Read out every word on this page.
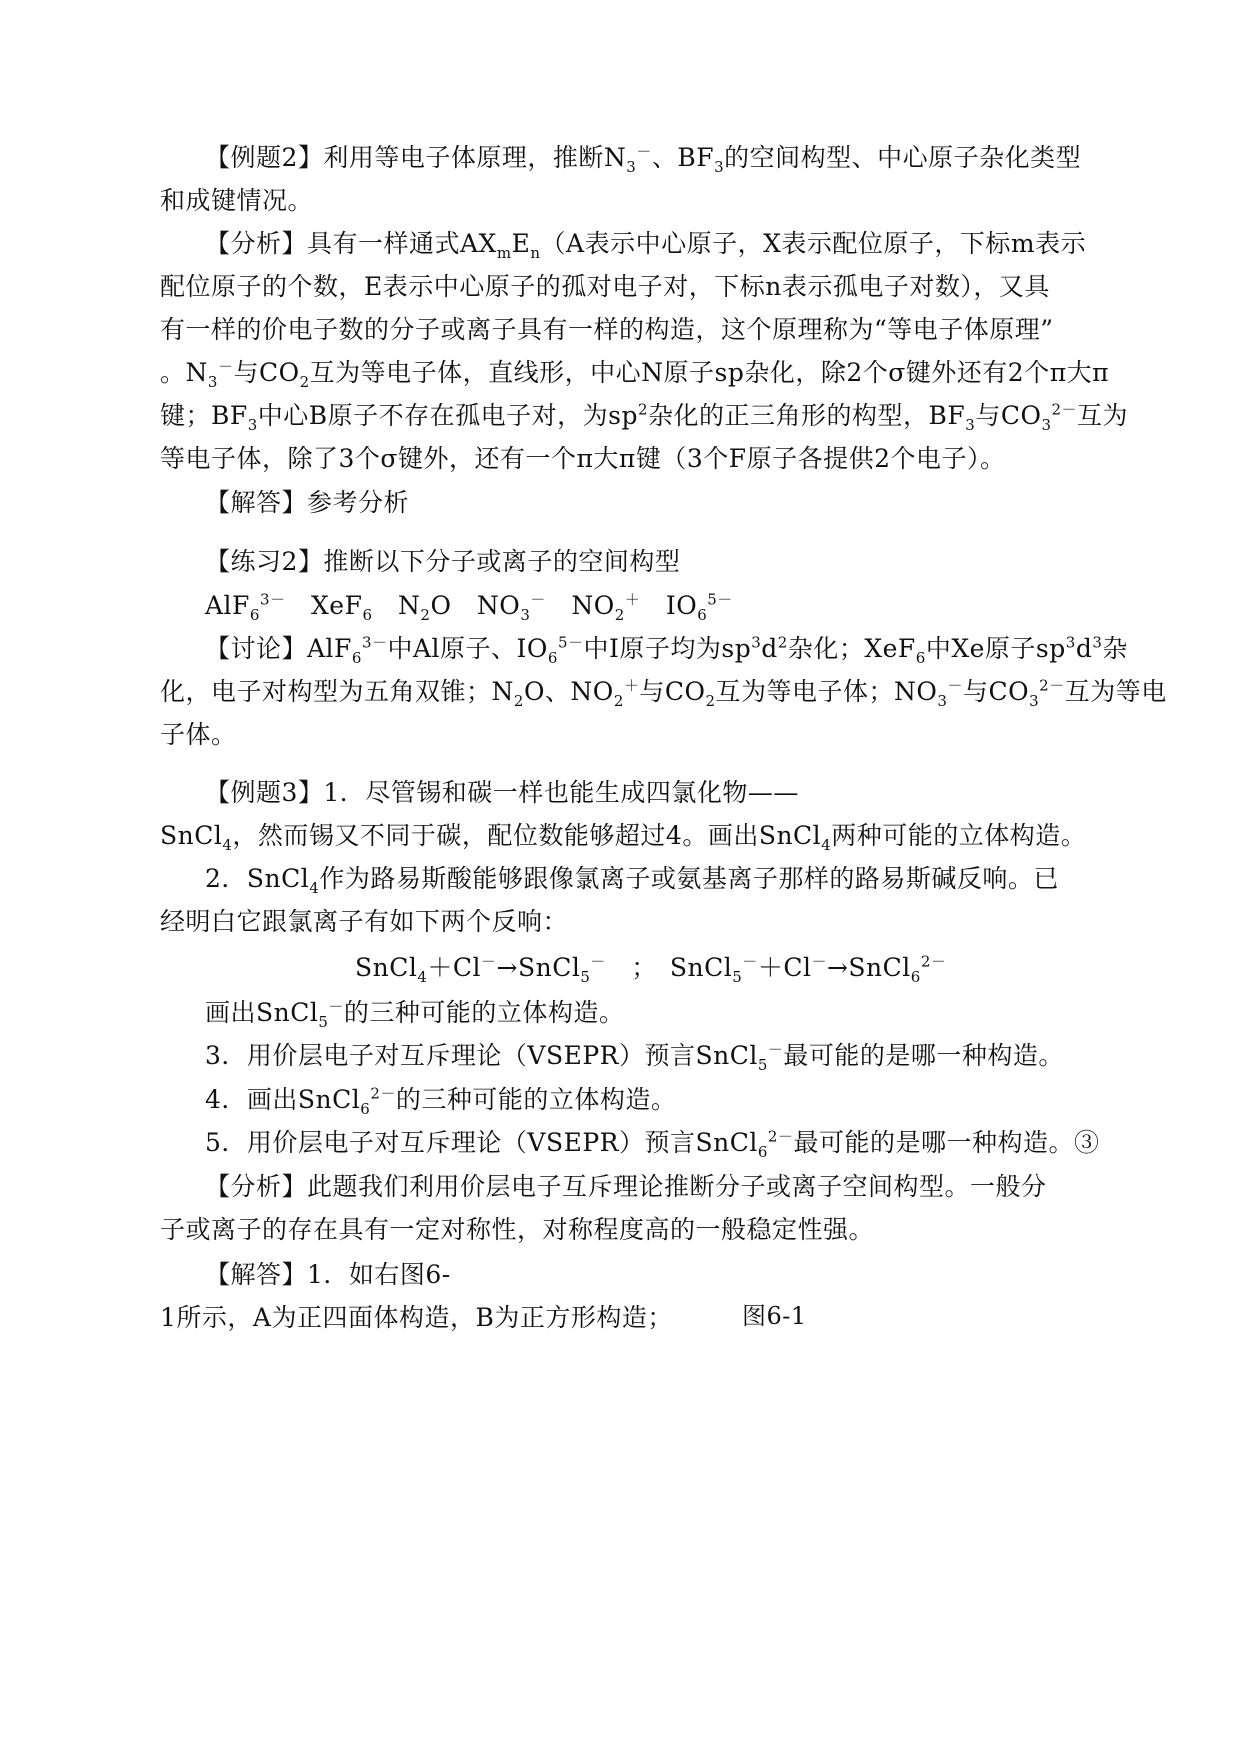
【例题2】利用等电子体原理，推断$N_3^-$、$BF_3$的空间构型、中心原子杂化类型
和成键情况。
【分析】具有一样通式$AX_mE_n(A$表示中心原子，X表示配位原子，下标m表示
配位原子的个数，E表示中心原子的孤对电子对，下标n表示孤电子对数），又具
有一样的价电子数的分子或离子具有一样的构造，这个原理称为“等电子体原理”
。$N_3^-$与$CO_2$互为等电子体，直线形，中心N原子sp杂化，除2个σ键外还有2个π大π
键；$BF_3$中心B原子不存在孤电子对，为$sp^2$杂化的正三角形的构型，$BF_3$与$CO_3^{2-}$互为
等电子体，除了3个σ键外，还有一个π大π键（3个F原子各提供2个电子）。
【解答】参考分析
【练习2】推断以下分子或离子的空间构型
AlF$_6^{3-}$　XeF$_6$　$N_2O$　$NO_3^-$　$NO_2^+$　$IO_6^{5-}$
【讨论】AlF$_6^{3-}$中Al原子、$IO_6^{5-}$中I原子均为$sp^3d^2$杂化；XeF$_6$中Xe原子$sp^3d^3$杂
化，电子对构型为五角双锥；$N_2O$、$NO_2^+$与$CO_2$互为等电子体；$NO_3^-$与$CO_3^{2-}$互为等电
子体。
【例题3】1．尽管锡和碳一样也能生成四氯化物——
SnCl$_4$，然而锡又不同于碳，配位数能够超过4。画出SnCl$_4$两种可能的立体构造。
2．SnCl$_4$作为路易斯酸能够跟像氯离子或氨基离子那样的路易斯碱反响。已
经明白它跟氯离子有如下两个反响：
SnCl$_4$＋Cl－→SnCl$_5$－　；　SnCl$_5$－＋Cl－→SnCl$_6^{2-}$
画出SnCl$_5$－的三种可能的立体构造。
3．用价层电子对互斥理论（VSEPR）预言SnCl$_5$－最可能的是哪一种构造。
4．画出SnCl$_6^{2-}$的三种可能的立体构造。
5．用价层电子对互斥理论（VSEPR）预言SnCl$_6^{2-}$最可能的是哪一种构造。③
【分析】此题我们利用价层电子互斥理论推断分子或离子空间构型。一般分
子或离子的存在具有一定对称性，对称程度高的一般稳定性强。
【解答】1．如右图6-
1所示，A为正四面体构造，B为正方形构造；	图6-1
